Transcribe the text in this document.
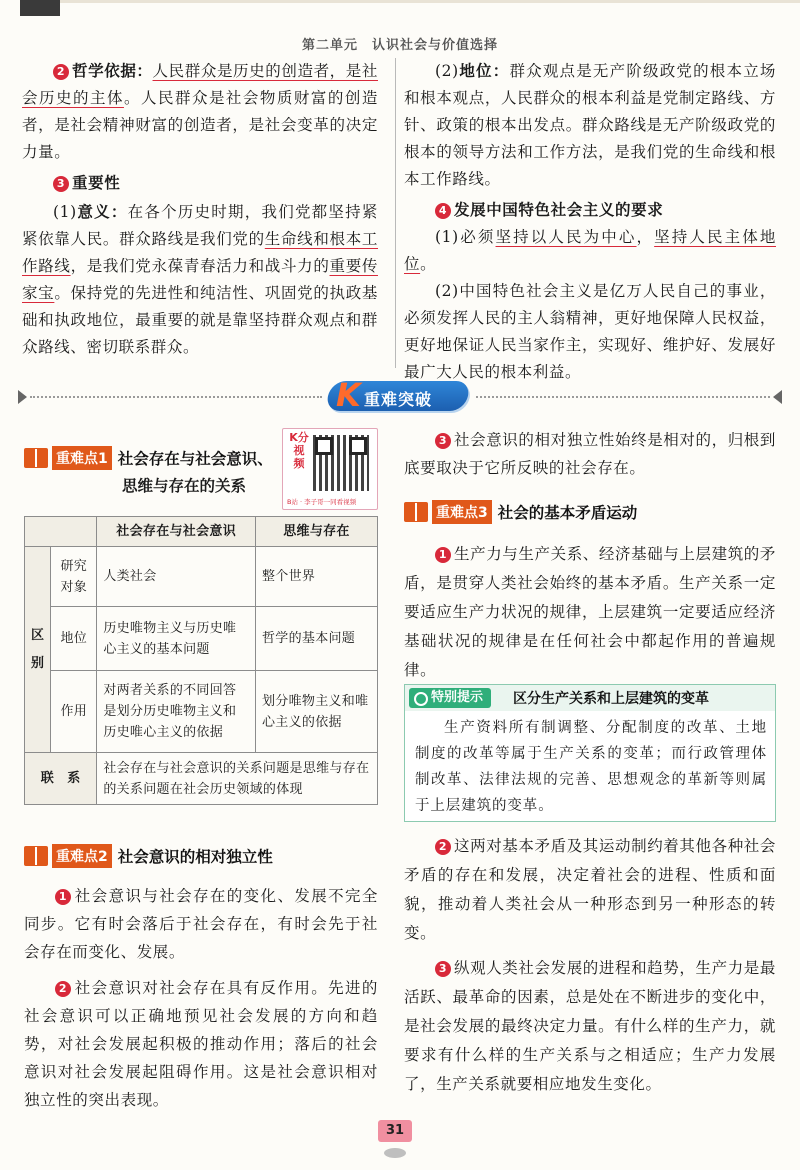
第二单元　认识社会与价值选择

2 哲学依据：人民群众是历史的创造者，是社会历史的主体。人民群众是社会物质财富的创造者，是社会精神财富的创造者，是社会变革的决定力量。

3 重要性

(1)意义：在各个历史时期，我们党都坚持紧紧依靠人民。群众路线是我们党的生命线和根本工作路线，是我们党永葆青春活力和战斗力的重要传家宝。保持党的先进性和纯洁性、巩固党的执政基础和执政地位，最重要的就是靠坚持群众观点和群众路线、密切联系群众。

(2)地位：群众观点是无产阶级政党的根本立场和根本观点，人民群众的根本利益是党制定路线、方针、政策的根本出发点。群众路线是无产阶级政党的根本的领导方法和工作方法，是我们党的生命线和根本工作路线。

4 发展中国特色社会主义的要求

(1)必须坚持以人民为中心，坚持人民主体地位。

(2)中国特色社会主义是亿万人民自己的事业，必须发挥人民的主人翁精神，更好地保障人民权益，更好地保证人民当家作主，实现好、维护好、发展好最广大人民的根本利益。

K 重难突破
重难点1 社会存在与社会意识、
思维与存在的关系
K分视频
B站 · 李子哥一同看视频
		社会存在与社会意识	思维与存在
区别	研究对象	人类社会	整个世界
	地位	历史唯物主义与历史唯心主义的基本问题	哲学的基本问题
	作用	对两者关系的不同回答是划分历史唯物主义和历史唯心主义的依据	划分唯物主义和唯心主义的依据
联　系		社会存在与社会意识的关系问题是思维与存在的关系问题在社会历史领域的体现	
重难点2 社会意识的相对独立性

1 社会意识与社会存在的变化、发展不完全同步。它有时会落后于社会存在，有时会先于社会存在而变化、发展。

2 社会意识对社会存在具有反作用。先进的社会意识可以正确地预见社会发展的方向和趋势，对社会发展起积极的推动作用；落后的社会意识对社会发展起阻碍作用。这是社会意识相对独立性的突出表现。

3 社会意识的相对独立性始终是相对的，归根到底要取决于它所反映的社会存在。

重难点3 社会的基本矛盾运动

1 生产力与生产关系、经济基础与上层建筑的矛盾，是贯穿人类社会始终的基本矛盾。生产关系一定要适应生产力状况的规律，上层建筑一定要适应经济基础状况的规律是在任何社会中都起作用的普遍规律。

特别提示	区分生产关系和上层建筑的变革
生产资料所有制调整、分配制度的改革、土地制度的改革等属于生产关系的变革；而行政管理体制改革、法律法规的完善、思想观念的革新等则属于上层建筑的变革。

2 这两对基本矛盾及其运动制约着其他各种社会矛盾的存在和发展，决定着社会的进程、性质和面貌，推动着人类社会从一种形态到另一种形态的转变。

3 纵观人类社会发展的进程和趋势，生产力是最活跃、最革命的因素，总是处在不断进步的变化中，是社会发展的最终决定力量。有什么样的生产力，就要求有什么样的生产关系与之相适应；生产力发展了，生产关系就要相应地发生变化。

31
